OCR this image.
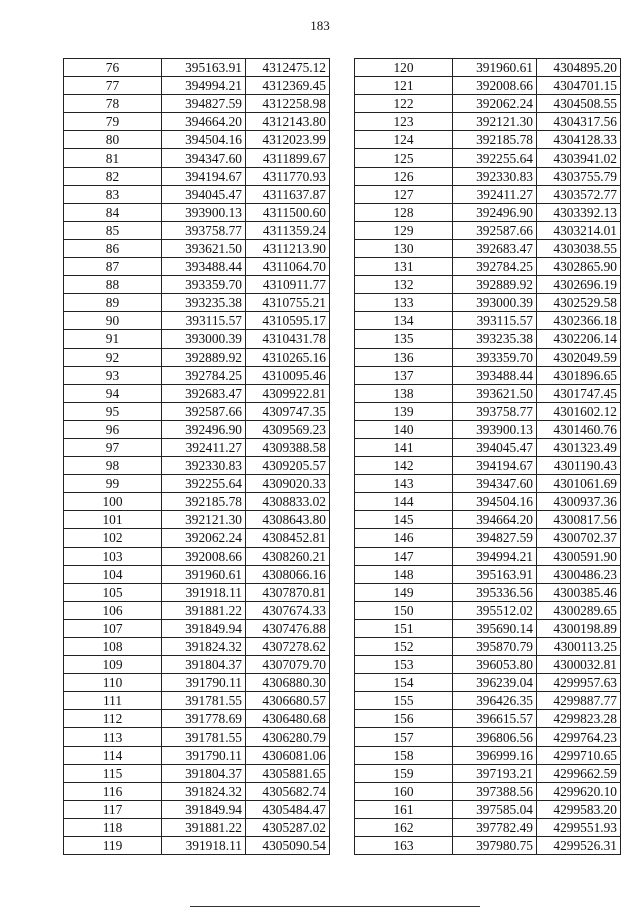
183
76	395163.91	4312475.12
77	394994.21	4312369.45
78	394827.59	4312258.98
79	394664.20	4312143.80
80	394504.16	4312023.99
81	394347.60	4311899.67
82	394194.67	4311770.93
83	394045.47	4311637.87
84	393900.13	4311500.60
85	393758.77	4311359.24
86	393621.50	4311213.90
87	393488.44	4311064.70
88	393359.70	4310911.77
89	393235.38	4310755.21
90	393115.57	4310595.17
91	393000.39	4310431.78
92	392889.92	4310265.16
93	392784.25	4310095.46
94	392683.47	4309922.81
95	392587.66	4309747.35
96	392496.90	4309569.23
97	392411.27	4309388.58
98	392330.83	4309205.57
99	392255.64	4309020.33
100	392185.78	4308833.02
101	392121.30	4308643.80
102	392062.24	4308452.81
103	392008.66	4308260.21
104	391960.61	4308066.16
105	391918.11	4307870.81
106	391881.22	4307674.33
107	391849.94	4307476.88
108	391824.32	4307278.62
109	391804.37	4307079.70
110	391790.11	4306880.30
111	391781.55	4306680.57
112	391778.69	4306480.68
113	391781.55	4306280.79
114	391790.11	4306081.06
115	391804.37	4305881.65
116	391824.32	4305682.74
117	391849.94	4305484.47
118	391881.22	4305287.02
119	391918.11	4305090.54
120	391960.61	4304895.20
121	392008.66	4304701.15
122	392062.24	4304508.55
123	392121.30	4304317.56
124	392185.78	4304128.33
125	392255.64	4303941.02
126	392330.83	4303755.79
127	392411.27	4303572.77
128	392496.90	4303392.13
129	392587.66	4303214.01
130	392683.47	4303038.55
131	392784.25	4302865.90
132	392889.92	4302696.19
133	393000.39	4302529.58
134	393115.57	4302366.18
135	393235.38	4302206.14
136	393359.70	4302049.59
137	393488.44	4301896.65
138	393621.50	4301747.45
139	393758.77	4301602.12
140	393900.13	4301460.76
141	394045.47	4301323.49
142	394194.67	4301190.43
143	394347.60	4301061.69
144	394504.16	4300937.36
145	394664.20	4300817.56
146	394827.59	4300702.37
147	394994.21	4300591.90
148	395163.91	4300486.23
149	395336.56	4300385.46
150	395512.02	4300289.65
151	395690.14	4300198.89
152	395870.79	4300113.25
153	396053.80	4300032.81
154	396239.04	4299957.63
155	396426.35	4299887.77
156	396615.57	4299823.28
157	396806.56	4299764.23
158	396999.16	4299710.65
159	397193.21	4299662.59
160	397388.56	4299620.10
161	397585.04	4299583.20
162	397782.49	4299551.93
163	397980.75	4299526.31
